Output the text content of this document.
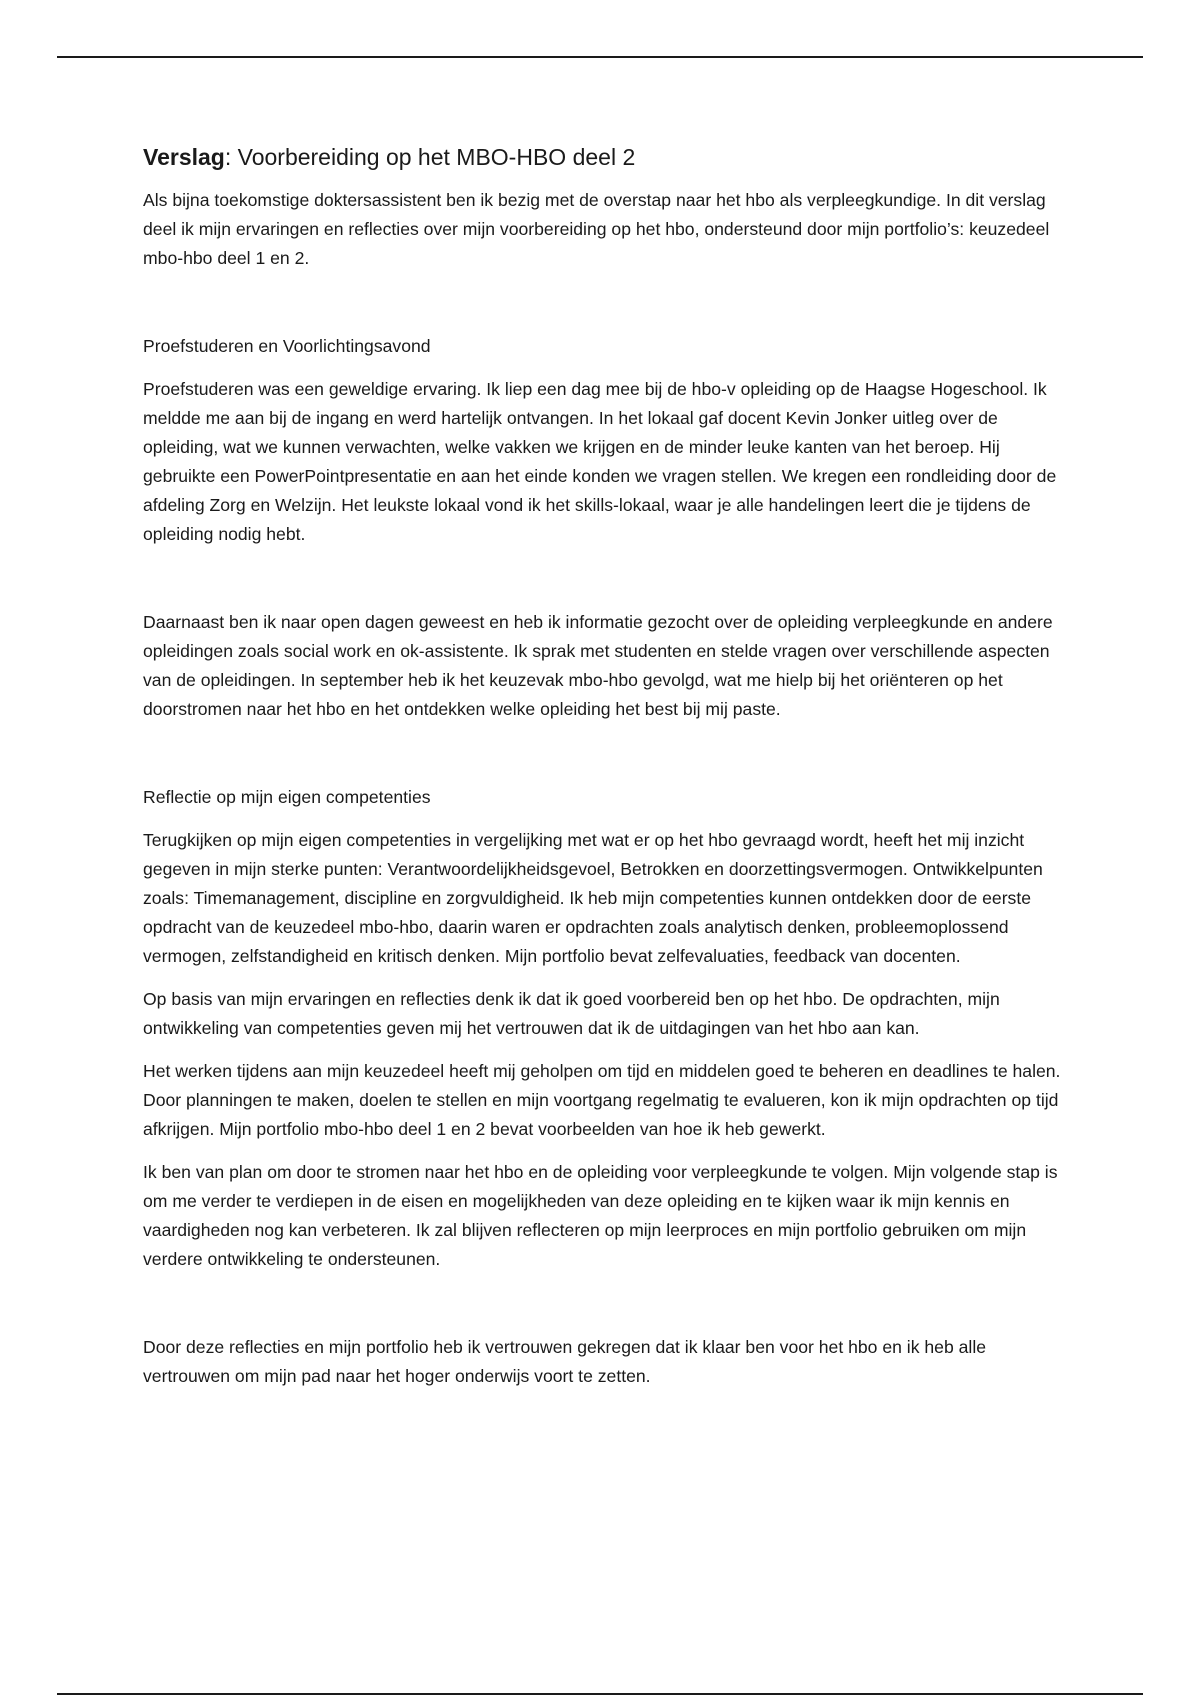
Verslag: Voorbereiding op het MBO-HBO deel 2

Als bijna toekomstige doktersassistent ben ik bezig met de overstap naar het hbo als verpleegkundige. In dit verslag deel ik mijn ervaringen en reflecties over mijn voorbereiding op het hbo, ondersteund door mijn portfolio’s: keuzedeel mbo-hbo deel 1 en 2.

Proefstuderen en Voorlichtingsavond

Proefstuderen was een geweldige ervaring. Ik liep een dag mee bij de hbo-v opleiding op de Haagse Hogeschool. Ik meldde me aan bij de ingang en werd hartelijk ontvangen. In het lokaal gaf docent Kevin Jonker uitleg over de opleiding, wat we kunnen verwachten, welke vakken we krijgen en de minder leuke kanten van het beroep. Hij gebruikte een PowerPointpresentatie en aan het einde konden we vragen stellen. We kregen een rondleiding door de afdeling Zorg en Welzijn. Het leukste lokaal vond ik het skills-lokaal, waar je alle handelingen leert die je tijdens de opleiding nodig hebt.

Daarnaast ben ik naar open dagen geweest en heb ik informatie gezocht over de opleiding verpleegkunde en andere opleidingen zoals social work en ok-assistente. Ik sprak met studenten en stelde vragen over verschillende aspecten van de opleidingen. In september heb ik het keuzevak mbo-hbo gevolgd, wat me hielp bij het oriënteren op het doorstromen naar het hbo en het ontdekken welke opleiding het best bij mij paste.

Reflectie op mijn eigen competenties

Terugkijken op mijn eigen competenties in vergelijking met wat er op het hbo gevraagd wordt, heeft het mij inzicht gegeven in mijn sterke punten: Verantwoordelijkheidsgevoel, Betrokken en doorzettingsvermogen. Ontwikkelpunten zoals: Timemanagement, discipline en zorgvuldigheid. Ik heb mijn competenties kunnen ontdekken door de eerste opdracht van de keuzedeel mbo-hbo, daarin waren er opdrachten zoals analytisch denken, probleemoplossend vermogen, zelfstandigheid en kritisch denken. Mijn portfolio bevat zelfevaluaties, feedback van docenten.

Op basis van mijn ervaringen en reflecties denk ik dat ik goed voorbereid ben op het hbo. De opdrachten, mijn ontwikkeling van competenties geven mij het vertrouwen dat ik de uitdagingen van het hbo aan kan.

Het werken tijdens aan mijn keuzedeel heeft mij geholpen om tijd en middelen goed te beheren en deadlines te halen. Door planningen te maken, doelen te stellen en mijn voortgang regelmatig te evalueren, kon ik mijn opdrachten op tijd afkrijgen. Mijn portfolio mbo-hbo deel 1 en 2 bevat voorbeelden van hoe ik heb gewerkt.

Ik ben van plan om door te stromen naar het hbo en de opleiding voor verpleegkunde te volgen. Mijn volgende stap is om me verder te verdiepen in de eisen en mogelijkheden van deze opleiding en te kijken waar ik mijn kennis en vaardigheden nog kan verbeteren. Ik zal blijven reflecteren op mijn leerproces en mijn portfolio gebruiken om mijn verdere ontwikkeling te ondersteunen.

Door deze reflecties en mijn portfolio heb ik vertrouwen gekregen dat ik klaar ben voor het hbo en ik heb alle vertrouwen om mijn pad naar het hoger onderwijs voort te zetten.
